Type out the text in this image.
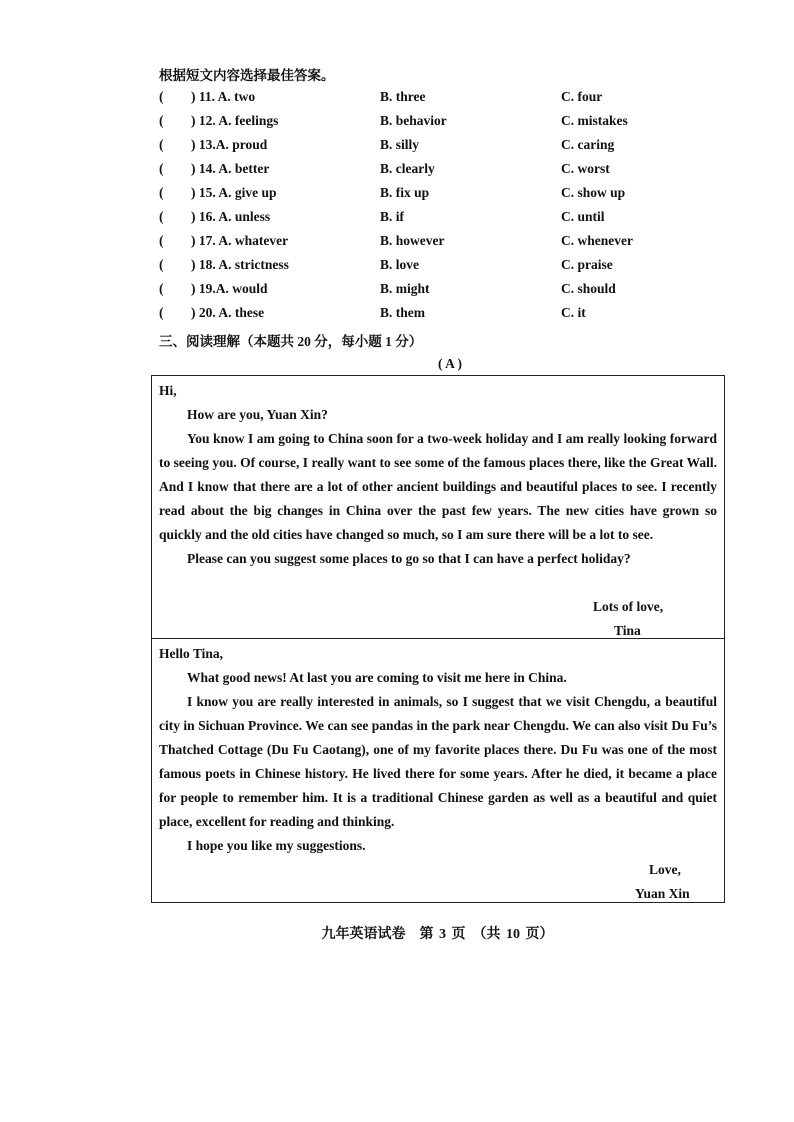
根据短文内容选择最佳答案。
( ) 11. A. two	B. three	C. four
( ) 12. A. feelings	B. behavior	C. mistakes
( ) 13.A. proud	B. silly	C. caring
( ) 14. A. better	B. clearly	C. worst
( ) 15. A. give up	B. fix up	C. show up
( ) 16. A. unless	B. if	C. until
( ) 17. A. whatever	B. however	C. whenever
( ) 18. A. strictness	B. love	C. praise
( ) 19.A. would	B. might	C. should
( ) 20. A. these	B. them	C. it
三、阅读理解（本题共 20 分，每小题 1 分）
( A )
Hi,

How are you, Yuan Xin?

You know I am going to China soon for a two-week holiday and I am really looking forward to seeing you. Of course, I really want to see some of the famous places there, like the Great Wall. And I know that there are a lot of other ancient buildings and beautiful places to see. I recently read about the big changes in China over the past few years. The new cities have grown so quickly and the old cities have changed so much, so I am sure there will be a lot to see.

Please can you suggest some places to go so that I can have a perfect holiday?

Lots of love,
Tina
Hello Tina,

What good news! At last you are coming to visit me here in China.

I know you are really interested in animals, so I suggest that we visit Chengdu, a beautiful city in Sichuan Province. We can see pandas in the park near Chengdu. We can also visit Du Fu’s Thatched Cottage (Du Fu Caotang), one of my favorite places there. Du Fu was one of the most famous poets in Chinese history. He lived there for some years. After he died, it became a place for people to remember him. It is a traditional Chinese garden as well as a beautiful and quiet place, excellent for reading and thinking.

I hope you like my suggestions.

Love,
Yuan Xin
九年英语试卷　第 3 页　（共 10 页）
